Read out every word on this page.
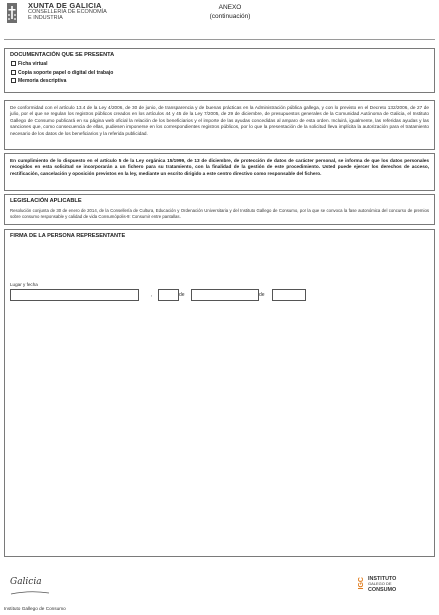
XUNTA DE GALICIA
CONSELLERIA DE ECONOMÍA
E INDUSTRIA
ANEXO
(continuación)
DOCUMENTACIÓN QUE SE PRESENTA
Ficha virtual
Copia soporte papel o digital del trabajo
Memoria descriptiva
De conformidad con el artículo 13.4 de la Ley 4/2006, de 30 de junio, de transparencia y de buenas prácticas en la Administración pública gallega, y con lo previsto en el Decreto 132/2006, de 27 de julio, por el que se regulan los registros públicos creados en los artículos 44 y 45 de la Ley 7/2005, de 29 de diciembre, de presupuestos generales de la Comunidad Autónoma de Galicia, el Instituto Gallego de Consumo publicará en su página web oficial la relación de los beneficiarios y el importe de las ayudas concedidas al amparo de esta orden. Incluirá, igualmente, las referidas ayudas y las sanciones que, como consecuencia de ellas, pudiesen imponerse en los correspondientes registros públicos, por lo que la presentación de la solicitud lleva implícita la autorización para el tratamiento necesario de los datos de los beneficiarios y la referida publicidad.
En cumplimiento de lo dispuesto en el artículo 5 de la Ley orgánica 15/1999, de 13 de diciembre, de protección de datos de carácter personal, se informa de que los datos personales recogidos en esta solicitud se incorporarán a un fichero para su tratamiento, con la finalidad de la gestión de este procedimiento. Usted puede ejercer los derechos de acceso, rectificación, cancelación y oposición previstos en la ley, mediante un escrito dirigido a este centro directivo como responsable del fichero.
LEGISLACIÓN APLICABLE
Resolución conjunta de 30 de enero de 2014, de la Consellería de Cultura, Educación y Ordenación Universitaria y del Instituto Gallego de Consumo, por la que se convoca la fase autonómica del concurso de premios sobre consumo responsable y calidad de vida Consumópolis-9: Consumir entre pantallas.
FIRMA DE LA PERSONA REPRESENTANTE
Lugar y fecha
,	de	de
Galicia	IGC INSTITUTO
GALEGO DE
CONSUMO
Instituto Gallego de Consumo
